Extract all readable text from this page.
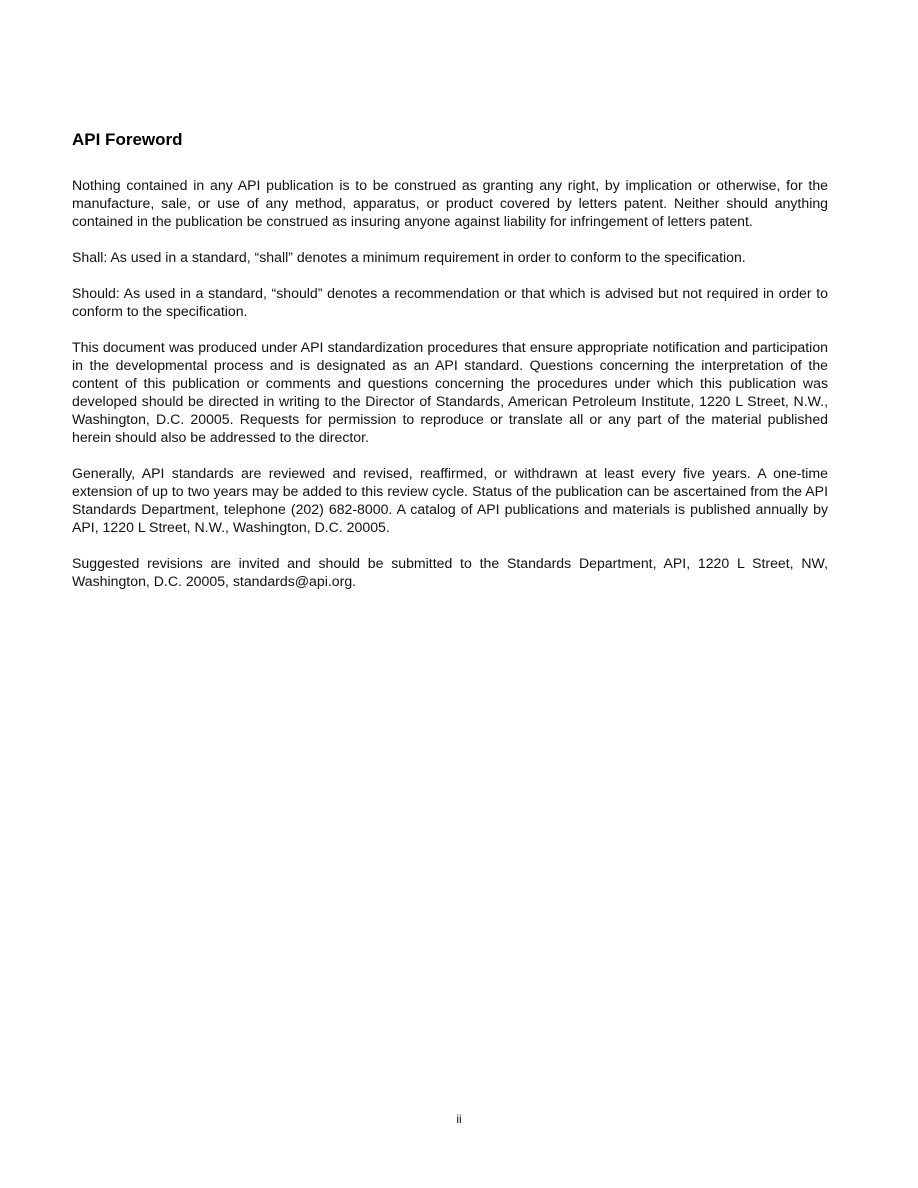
API Foreword

Nothing contained in any API publication is to be construed as granting any right, by implication or otherwise, for the manufacture, sale, or use of any method, apparatus, or product covered by letters patent. Neither should anything contained in the publication be construed as insuring anyone against liability for infringement of letters patent.

Shall: As used in a standard, “shall” denotes a minimum requirement in order to conform to the specification.

Should: As used in a standard, “should” denotes a recommendation or that which is advised but not required in order to conform to the specification.

This document was produced under API standardization procedures that ensure appropriate notification and participation in the developmental process and is designated as an API standard. Questions concerning the interpretation of the content of this publication or comments and questions concerning the procedures under which this publication was developed should be directed in writing to the Director of Standards, American Petroleum Institute, 1220 L Street, N.W., Washington, D.C. 20005. Requests for permission to reproduce or translate all or any part of the material published herein should also be addressed to the director.

Generally, API standards are reviewed and revised, reaffirmed, or withdrawn at least every five years. A one-time extension of up to two years may be added to this review cycle. Status of the publication can be ascertained from the API Standards Department, telephone (202) 682-8000. A catalog of API publications and materials is published annually by API, 1220 L Street, N.W., Washington, D.C. 20005.

Suggested revisions are invited and should be submitted to the Standards Department, API, 1220 L Street, NW, Washington, D.C. 20005, standards@api.org.

ii
